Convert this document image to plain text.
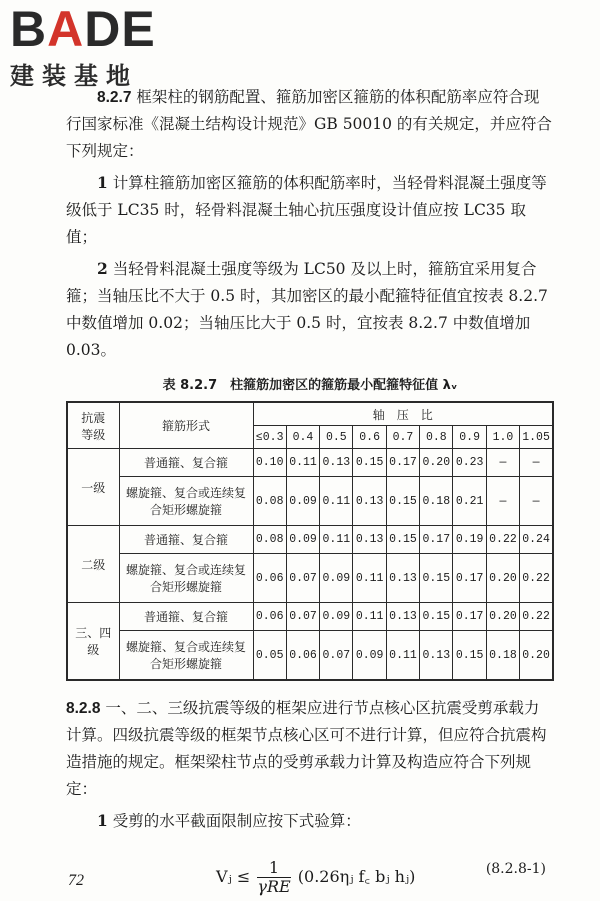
BADE
建装基地

8.2.7 框架柱的钢筋配置、箍筋加密区箍筋的体积配筋率应符合现行国家标准《混凝土结构设计规范》GB 50010 的有关规定，并应符合下列规定：

1 计算柱箍筋加密区箍筋的体积配筋率时，当轻骨料混凝土强度等级低于 LC35 时，轻骨料混凝土轴心抗压强度设计值应按 LC35 取值；

2 当轻骨料混凝土强度等级为 LC50 及以上时，箍筋宜采用复合箍；当轴压比不大于 0.5 时，其加密区的最小配箍特征值宜按表 8.2.7 中数值增加 0.02；当轴压比大于 0.5 时，宜按表 8.2.7 中数值增加 0.03。

表 8.2.7　柱箍筋加密区的箍筋最小配箍特征值 λᵥ
抗震等级	箍筋形式	轴　压　比								
		≤0.3	0.4	0.5	0.6	0.7	0.8	0.9	1.0	1.05
一级	普通箍、复合箍	0.10	0.11	0.13	0.15	0.17	0.20	0.23	—	—
	螺旋箍、复合或连续复合矩形螺旋箍	0.08	0.09	0.11	0.13	0.15	0.18	0.21	—	—
二级	普通箍、复合箍	0.08	0.09	0.11	0.13	0.15	0.17	0.19	0.22	0.24
	螺旋箍、复合或连续复合矩形螺旋箍	0.06	0.07	0.09	0.11	0.13	0.15	0.17	0.20	0.22
三、四级	普通箍、复合箍	0.06	0.07	0.09	0.11	0.13	0.15	0.17	0.20	0.22
	螺旋箍、复合或连续复合矩形螺旋箍	0.05	0.06	0.07	0.09	0.11	0.13	0.15	0.18	0.20

8.2.8 一、二、三级抗震等级的框架应进行节点核心区抗震受剪承载力计算。四级抗震等级的框架节点核心区可不进行计算，但应符合抗震构造措施的规定。框架梁柱节点的受剪承载力计算及构造应符合下列规定：

1 受剪的水平截面限制应按下式验算：

Vⱼ ≤ $\frac{1}{\text{γRE}}$ (0.26ηⱼ f꜀ bⱼ hⱼ)	(8.2.8-1)
72
